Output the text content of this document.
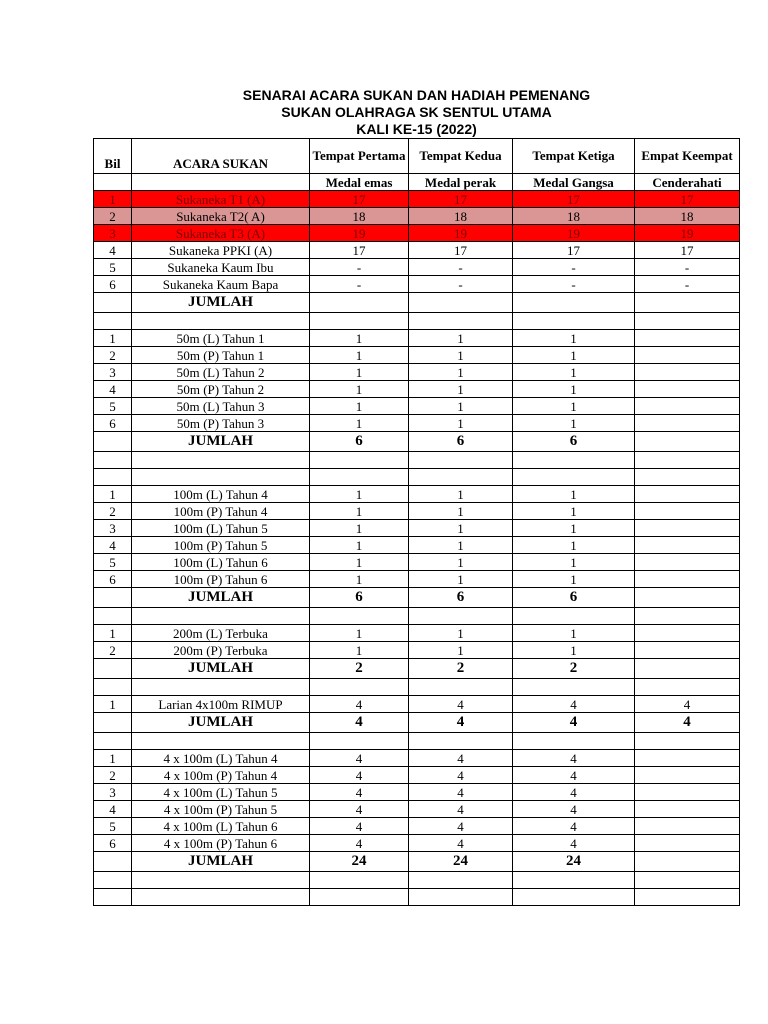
SENARAI ACARA SUKAN DAN HADIAH PEMENANG
SUKAN OLAHRAGA SK SENTUL UTAMA
KALI KE-15 (2022)
Bil	ACARA SUKAN	Tempat Pertama	Tempat Kedua	Tempat Ketiga	Empat Keempat
		Medal emas	Medal perak	Medal Gangsa	Cenderahati
1	Sukaneka T1 (A)	17	17	17	17
2	Sukaneka T2( A)	18	18	18	18
3	Sukaneka T3 (A)	19	19	19	19
4	Sukaneka PPKI (A)	17	17	17	17
5	Sukaneka Kaum Ibu	-	-	-	-
6	Sukaneka Kaum Bapa	-	-	-	-
	JUMLAH				

1	50m (L) Tahun 1	1	1	1	
2	50m (P) Tahun 1	1	1	1	
3	50m (L) Tahun 2	1	1	1	
4	50m (P) Tahun 2	1	1	1	
5	50m (L) Tahun 3	1	1	1	
6	50m (P) Tahun 3	1	1	1	
	JUMLAH	6	6	6	

1	100m (L) Tahun 4	1	1	1	
2	100m (P) Tahun 4	1	1	1	
3	100m (L) Tahun 5	1	1	1	
4	100m (P) Tahun 5	1	1	1	
5	100m (L) Tahun 6	1	1	1	
6	100m (P) Tahun 6	1	1	1	
	JUMLAH	6	6	6	

1	200m (L) Terbuka	1	1	1	
2	200m (P) Terbuka	1	1	1	
	JUMLAH	2	2	2	

1	Larian 4x100m RIMUP	4	4	4	4
	JUMLAH	4	4	4	4

1	4 x 100m (L) Tahun 4	4	4	4	
2	4 x 100m (P) Tahun 4	4	4	4	
3	4 x 100m (L) Tahun 5	4	4	4	
4	4 x 100m (P) Tahun 5	4	4	4	
5	4 x 100m (L) Tahun 6	4	4	4	
6	4 x 100m (P) Tahun 6	4	4	4	
	JUMLAH	24	24	24	
